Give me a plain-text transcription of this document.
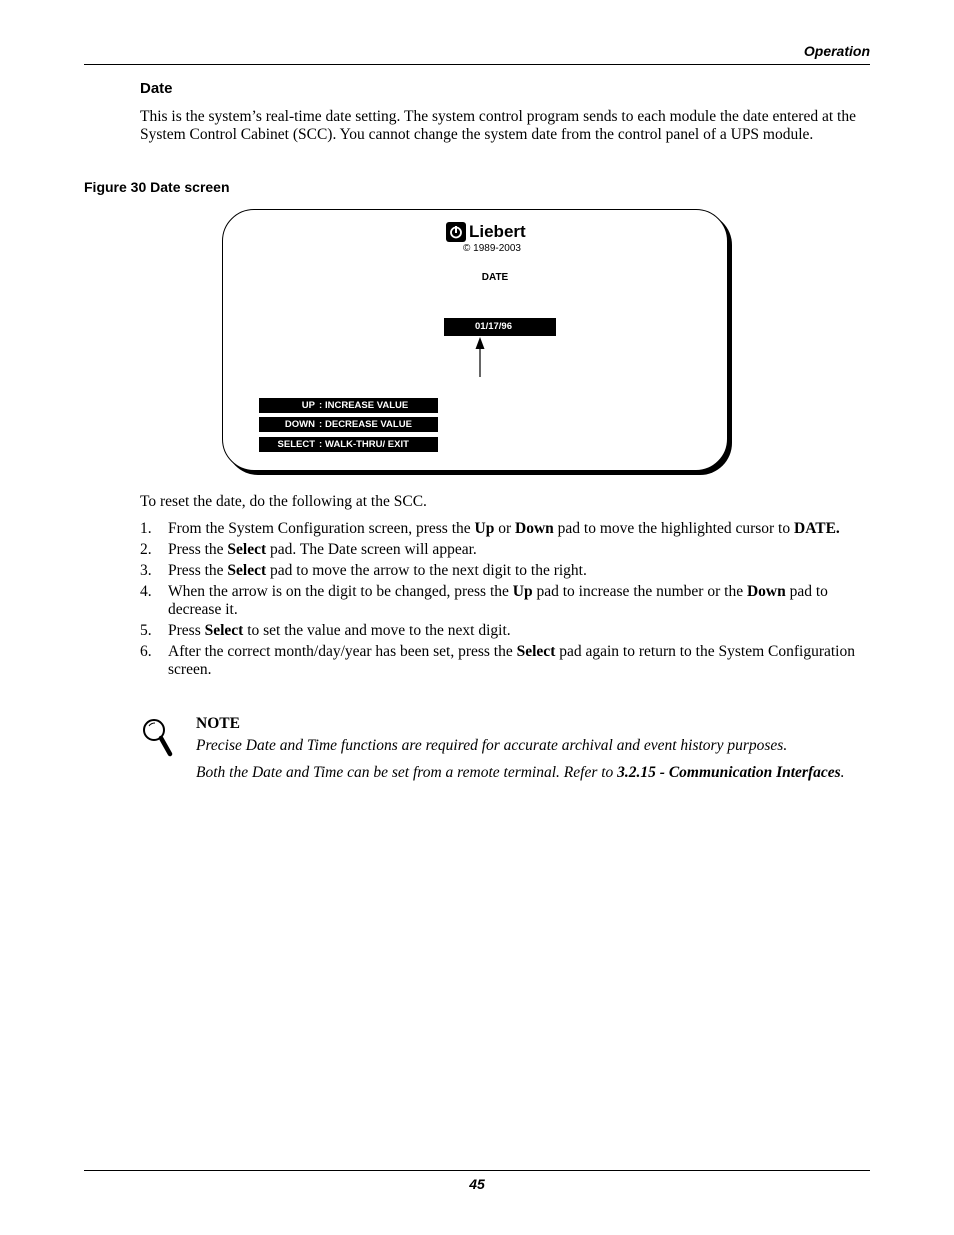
Operation
Date
This is the system’s real-time date setting. The system control program sends to each module the date entered at the System Control Cabinet (SCC). You cannot change the system date from the control panel of a UPS module.
Figure 30 Date screen
Liebert
© 1989-2003
DATE
01/17/96
UP : INCREASE VALUE
DOWN : DECREASE VALUE
SELECT : WALK-THRU/ EXIT
To reset the date, do the following at the SCC.
1. From the System Configuration screen, press the Up or Down pad to move the highlighted cursor to DATE.
2. Press the Select pad. The Date screen will appear.
3. Press the Select pad to move the arrow to the next digit to the right.
4. When the arrow is on the digit to be changed, press the Up pad to increase the number or the Down pad to decrease it.
5. Press Select to set the value and move to the next digit.
6. After the correct month/day/year has been set, press the Select pad again to return to the System Configuration screen.
NOTE
Precise Date and Time functions are required for accurate archival and event history purposes.
Both the Date and Time can be set from a remote terminal. Refer to 3.2.15 - Communication Interfaces.
45
